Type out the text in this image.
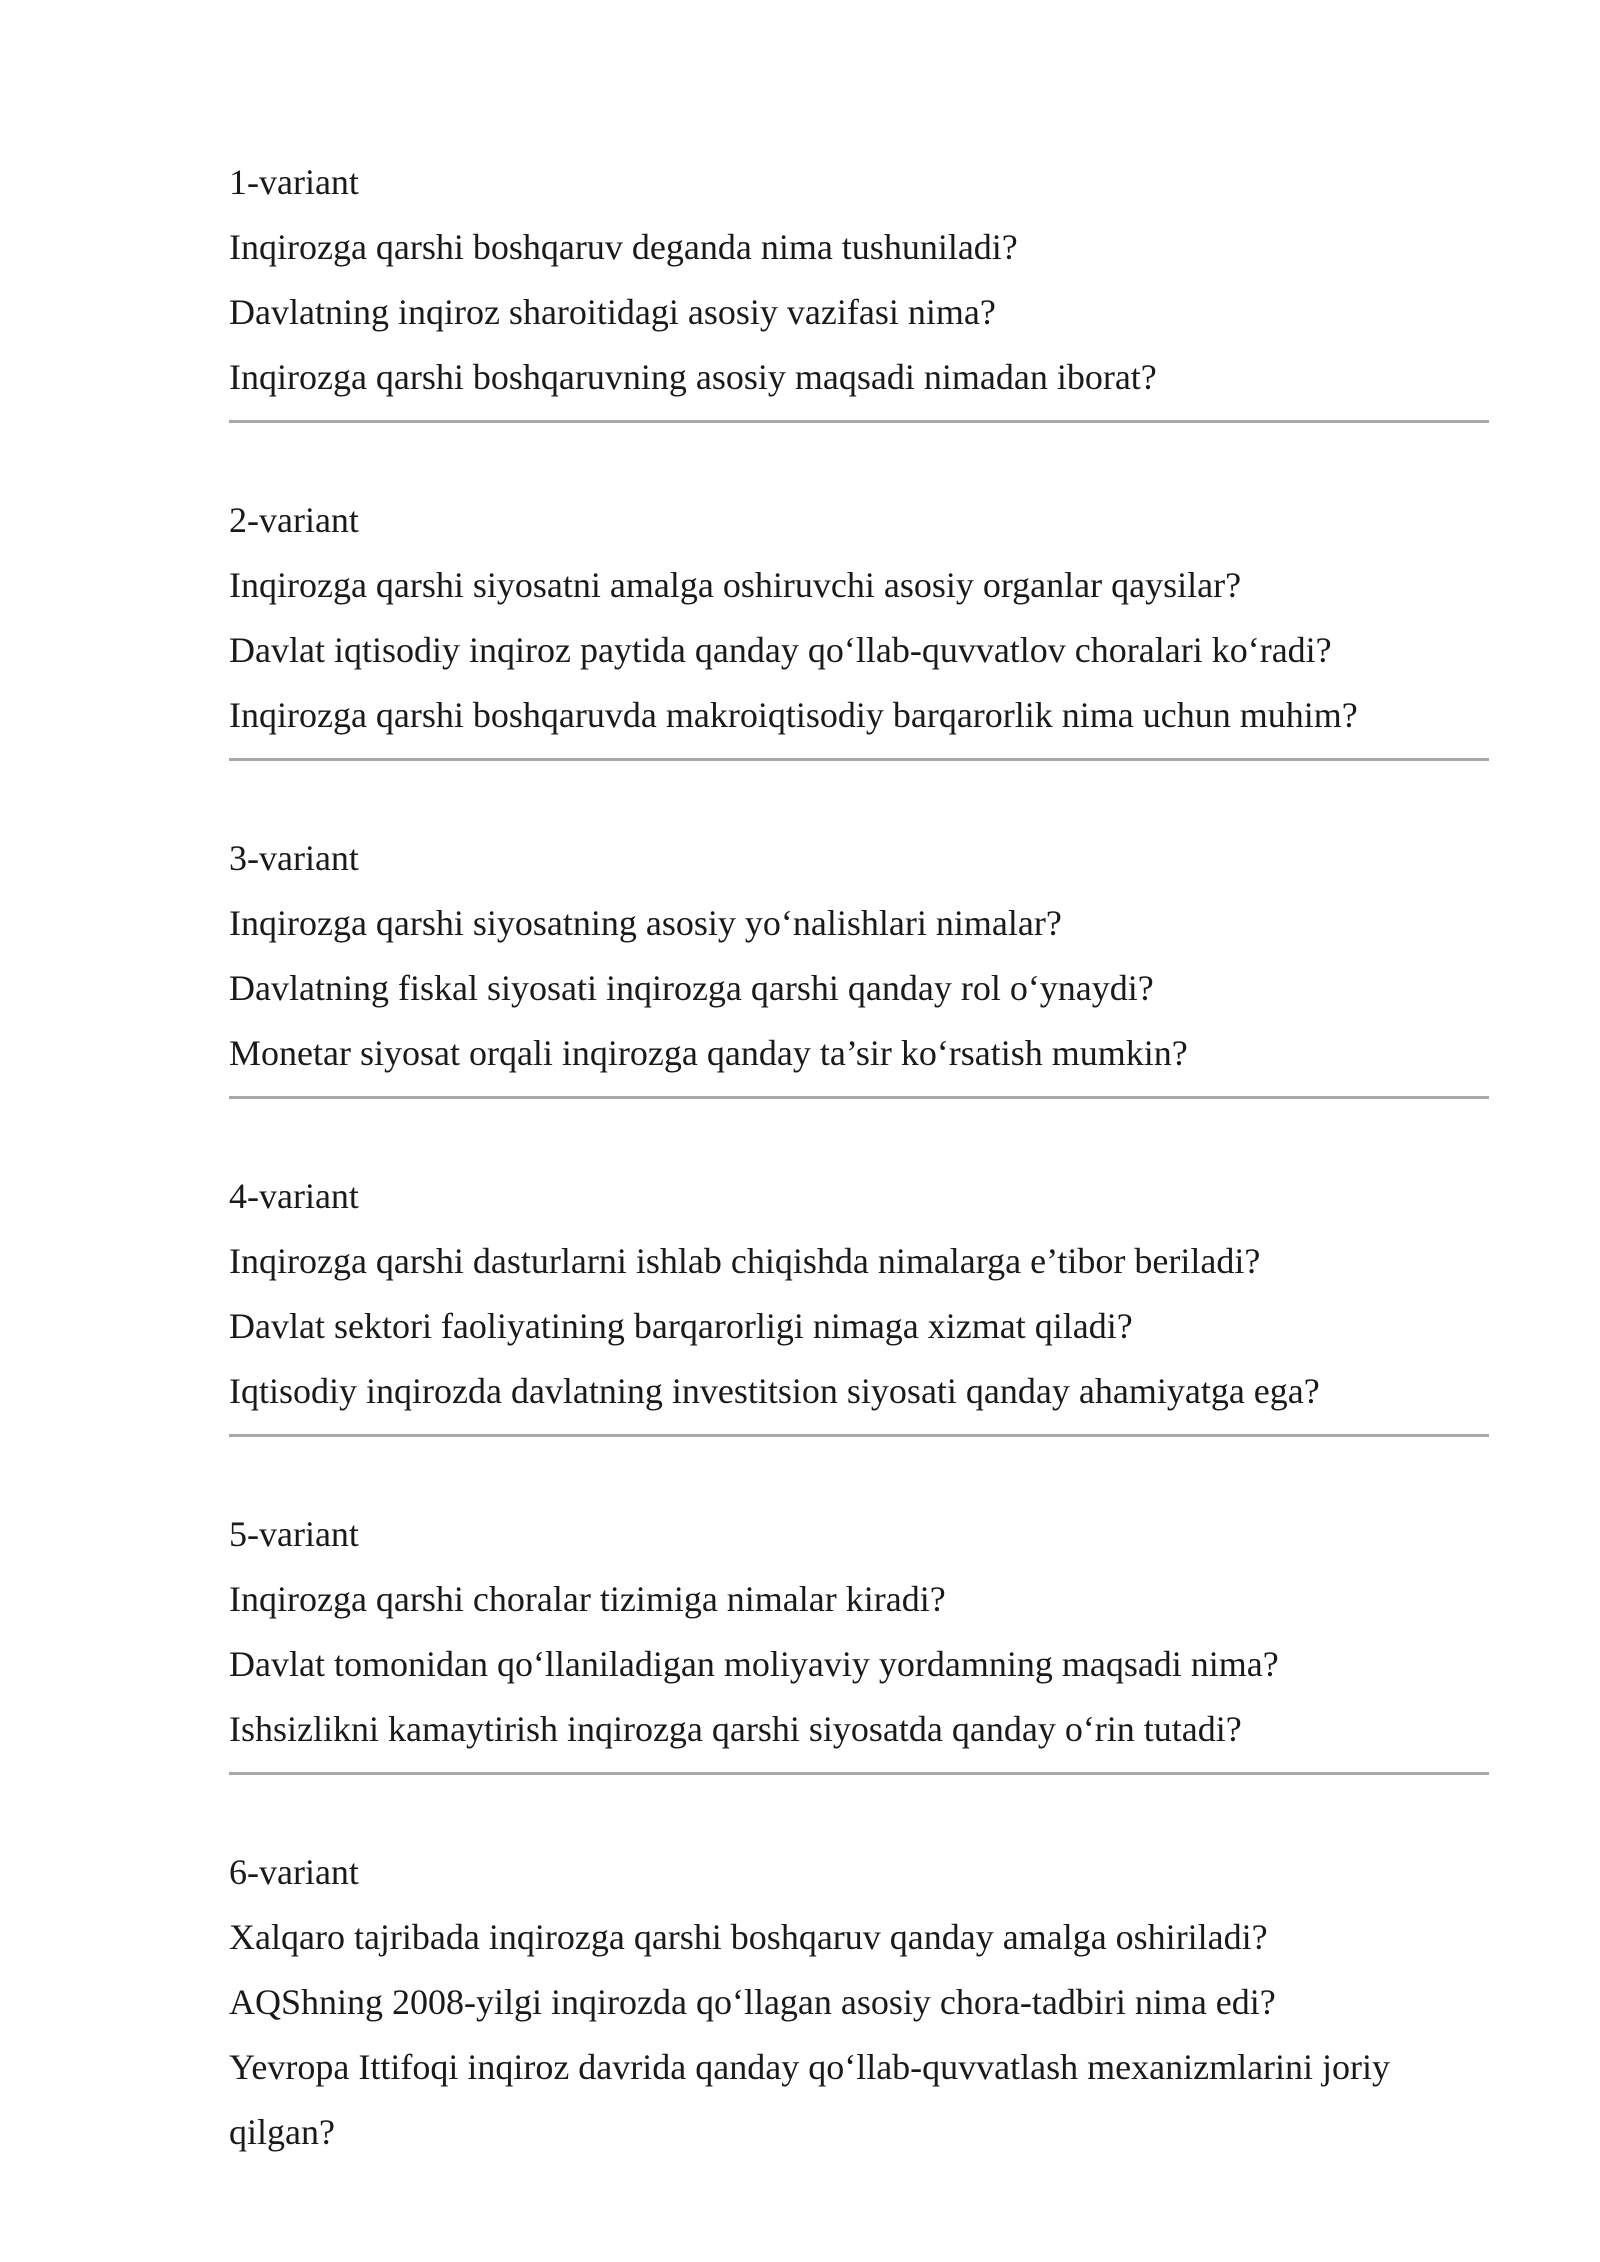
1-variant

Inqirozga qarshi boshqaruv deganda nima tushuniladi?

Davlatning inqiroz sharoitidagi asosiy vazifasi nima?

Inqirozga qarshi boshqaruvning asosiy maqsadi nimadan iborat?

2-variant

Inqirozga qarshi siyosatni amalga oshiruvchi asosiy organlar qaysilar?

Davlat iqtisodiy inqiroz paytida qanday qo‘llab-quvvatlov choralari ko‘radi?

Inqirozga qarshi boshqaruvda makroiqtisodiy barqarorlik nima uchun muhim?

3-variant

Inqirozga qarshi siyosatning asosiy yo‘nalishlari nimalar?

Davlatning fiskal siyosati inqirozga qarshi qanday rol o‘ynaydi?

Monetar siyosat orqali inqirozga qanday ta’sir ko‘rsatish mumkin?

4-variant

Inqirozga qarshi dasturlarni ishlab chiqishda nimalarga e’tibor beriladi?

Davlat sektori faoliyatining barqarorligi nimaga xizmat qiladi?

Iqtisodiy inqirozda davlatning investitsion siyosati qanday ahamiyatga ega?

5-variant

Inqirozga qarshi choralar tizimiga nimalar kiradi?

Davlat tomonidan qo‘llaniladigan moliyaviy yordamning maqsadi nima?

Ishsizlikni kamaytirish inqirozga qarshi siyosatda qanday o‘rin tutadi?

6-variant

Xalqaro tajribada inqirozga qarshi boshqaruv qanday amalga oshiriladi?

AQShning 2008-yilgi inqirozda qo‘llagan asosiy chora-tadbiri nima edi?

Yevropa Ittifoqi inqiroz davrida qanday qo‘llab-quvvatlash mexanizmlarini joriy qilgan?
